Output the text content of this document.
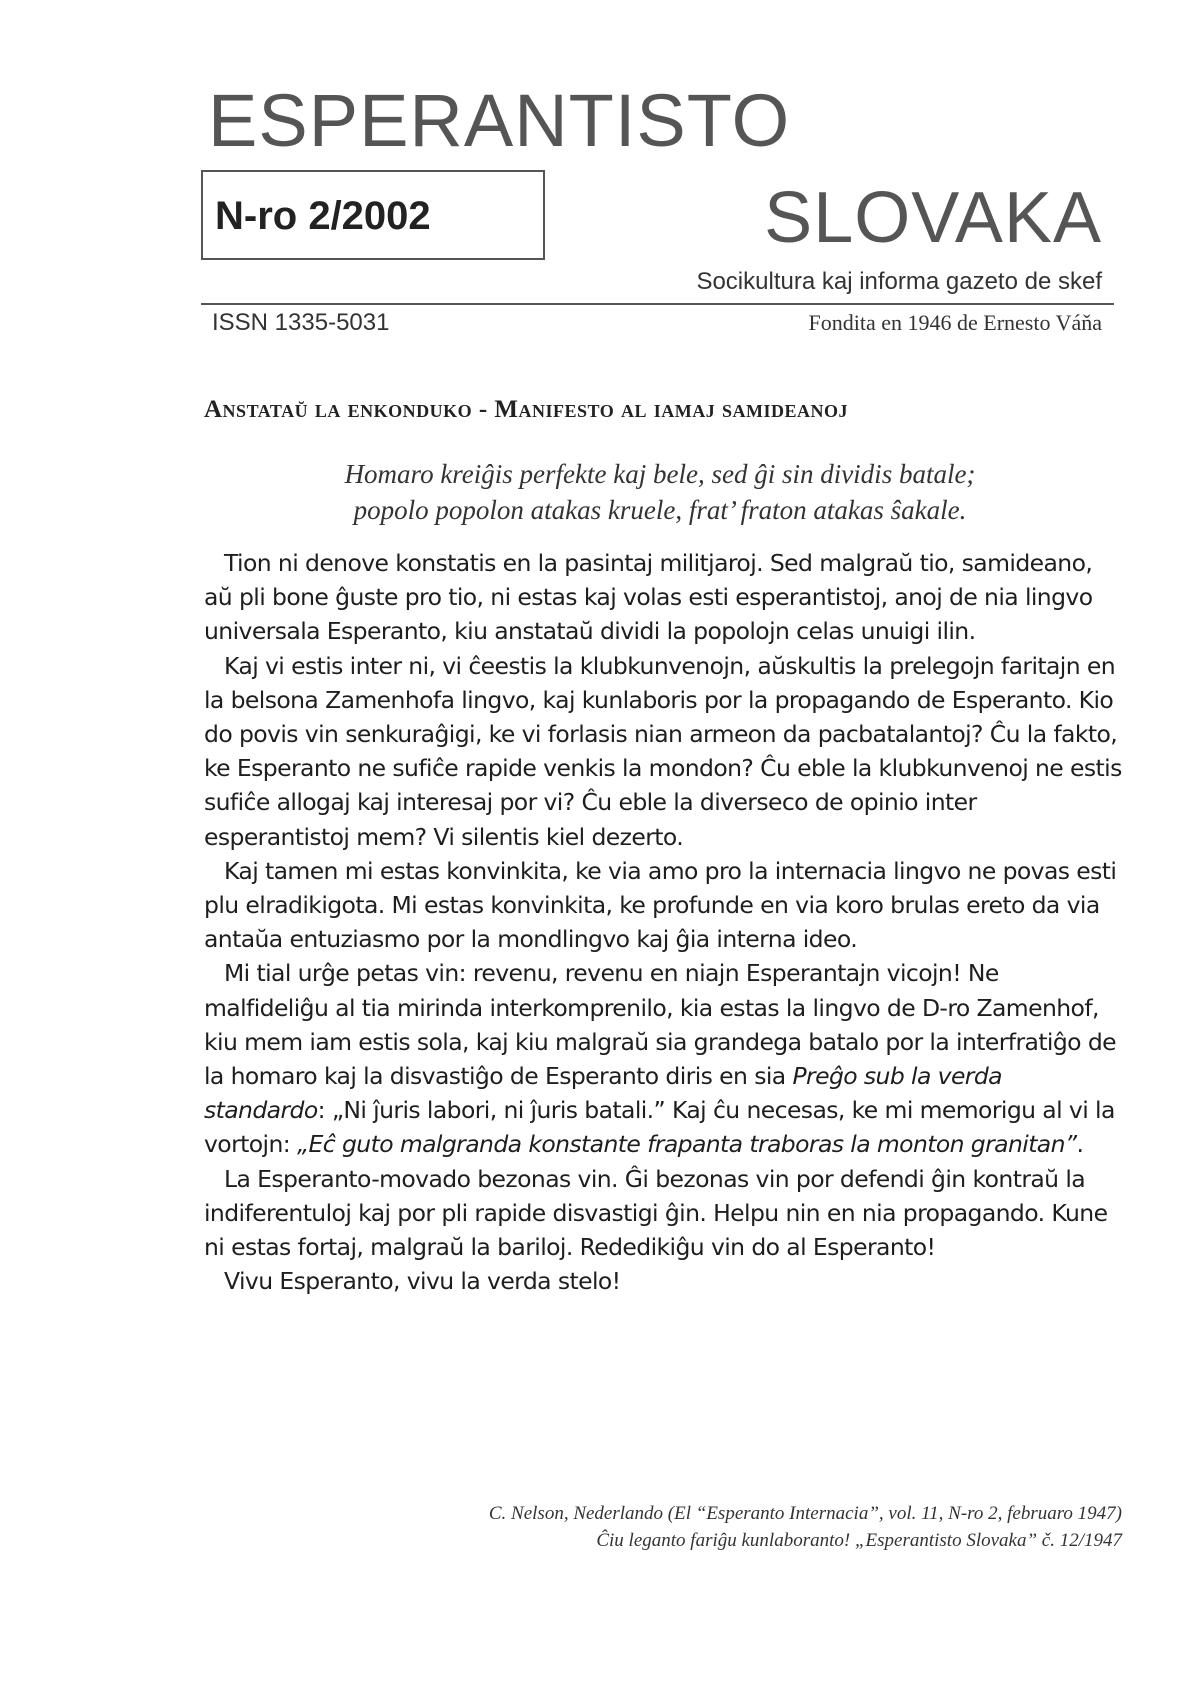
ESPERANTISTO
N-ro 2/2002	SLOVAKA
Socikultura kaj informa gazeto de skef
ISSN 1335-5031	Fondita en 1946 de Ernesto Váňa
Anstataŭ la enkonduko - Manifesto al iamaj samideanoj
Homaro kreiĝis perfekte kaj bele, sed ĝi sin dividis batale;
popolo popolon atakas kruele, frat’ fraton atakas ŝakale.

Tion ni denove konstatis en la pasintaj militjaroj. Sed malgraŭ tio, samideano, aŭ pli bone ĝuste pro tio, ni estas kaj volas esti esperantistoj, anoj de nia lingvo universala Esperanto, kiu anstataŭ dividi la popolojn celas unuigi ilin.

Kaj vi estis inter ni, vi ĉeestis la klubkunvenojn, aŭskultis la prelegojn faritajn en la belsona Zamenhofa lingvo, kaj kunlaboris por la propagando de Esperanto. Kio do povis vin senkuraĝigi, ke vi forlasis nian armeon da pacbatalantoj? Ĉu la fakto, ke Esperanto ne sufiĉe rapide venkis la mondon? Ĉu eble la klubkunvenoj ne estis sufiĉe allogaj kaj interesaj por vi? Ĉu eble la diverseco de opinio inter esperantistoj mem? Vi silentis kiel dezerto.

Kaj tamen mi estas konvinkita, ke via amo pro la internacia lingvo ne povas esti plu elradikigota. Mi estas konvinkita, ke profunde en via koro brulas ereto da via antaŭa entuziasmo por la mondlingvo kaj ĝia interna ideo.

Mi tial urĝe petas vin: revenu, revenu en niajn Esperantajn vicojn! Ne malfideliĝu al tia mirinda interkomprenilo, kia estas la lingvo de D-ro Zamenhof, kiu mem iam estis sola, kaj kiu malgraŭ sia grandega batalo por la interfratiĝo de la homaro kaj la disvastiĝo de Esperanto diris en sia Preĝo sub la verda standardo: „Ni ĵuris labori, ni ĵuris batali.” Kaj ĉu necesas, ke mi memorigu al vi la vortojn: „Eĉ guto malgranda konstante frapanta traboras la monton granitan”.

La Esperanto-movado bezonas vin. Ĝi bezonas vin por defendi ĝin kontraŭ la indiferentuloj kaj por pli rapide disvastigi ĝin. Helpu nin en nia propagando. Kune ni estas fortaj, malgraŭ la bariloj. Rededikiĝu vin do al Esperanto!

Vivu Esperanto, vivu la verda stelo!

C. Nelson, Nederlando (El “Esperanto Internacia”, vol. 11, N-ro 2, februaro 1947)
Ĉiu leganto fariĝu kunlaboranto! „Esperantisto Slovaka” č. 12/1947
